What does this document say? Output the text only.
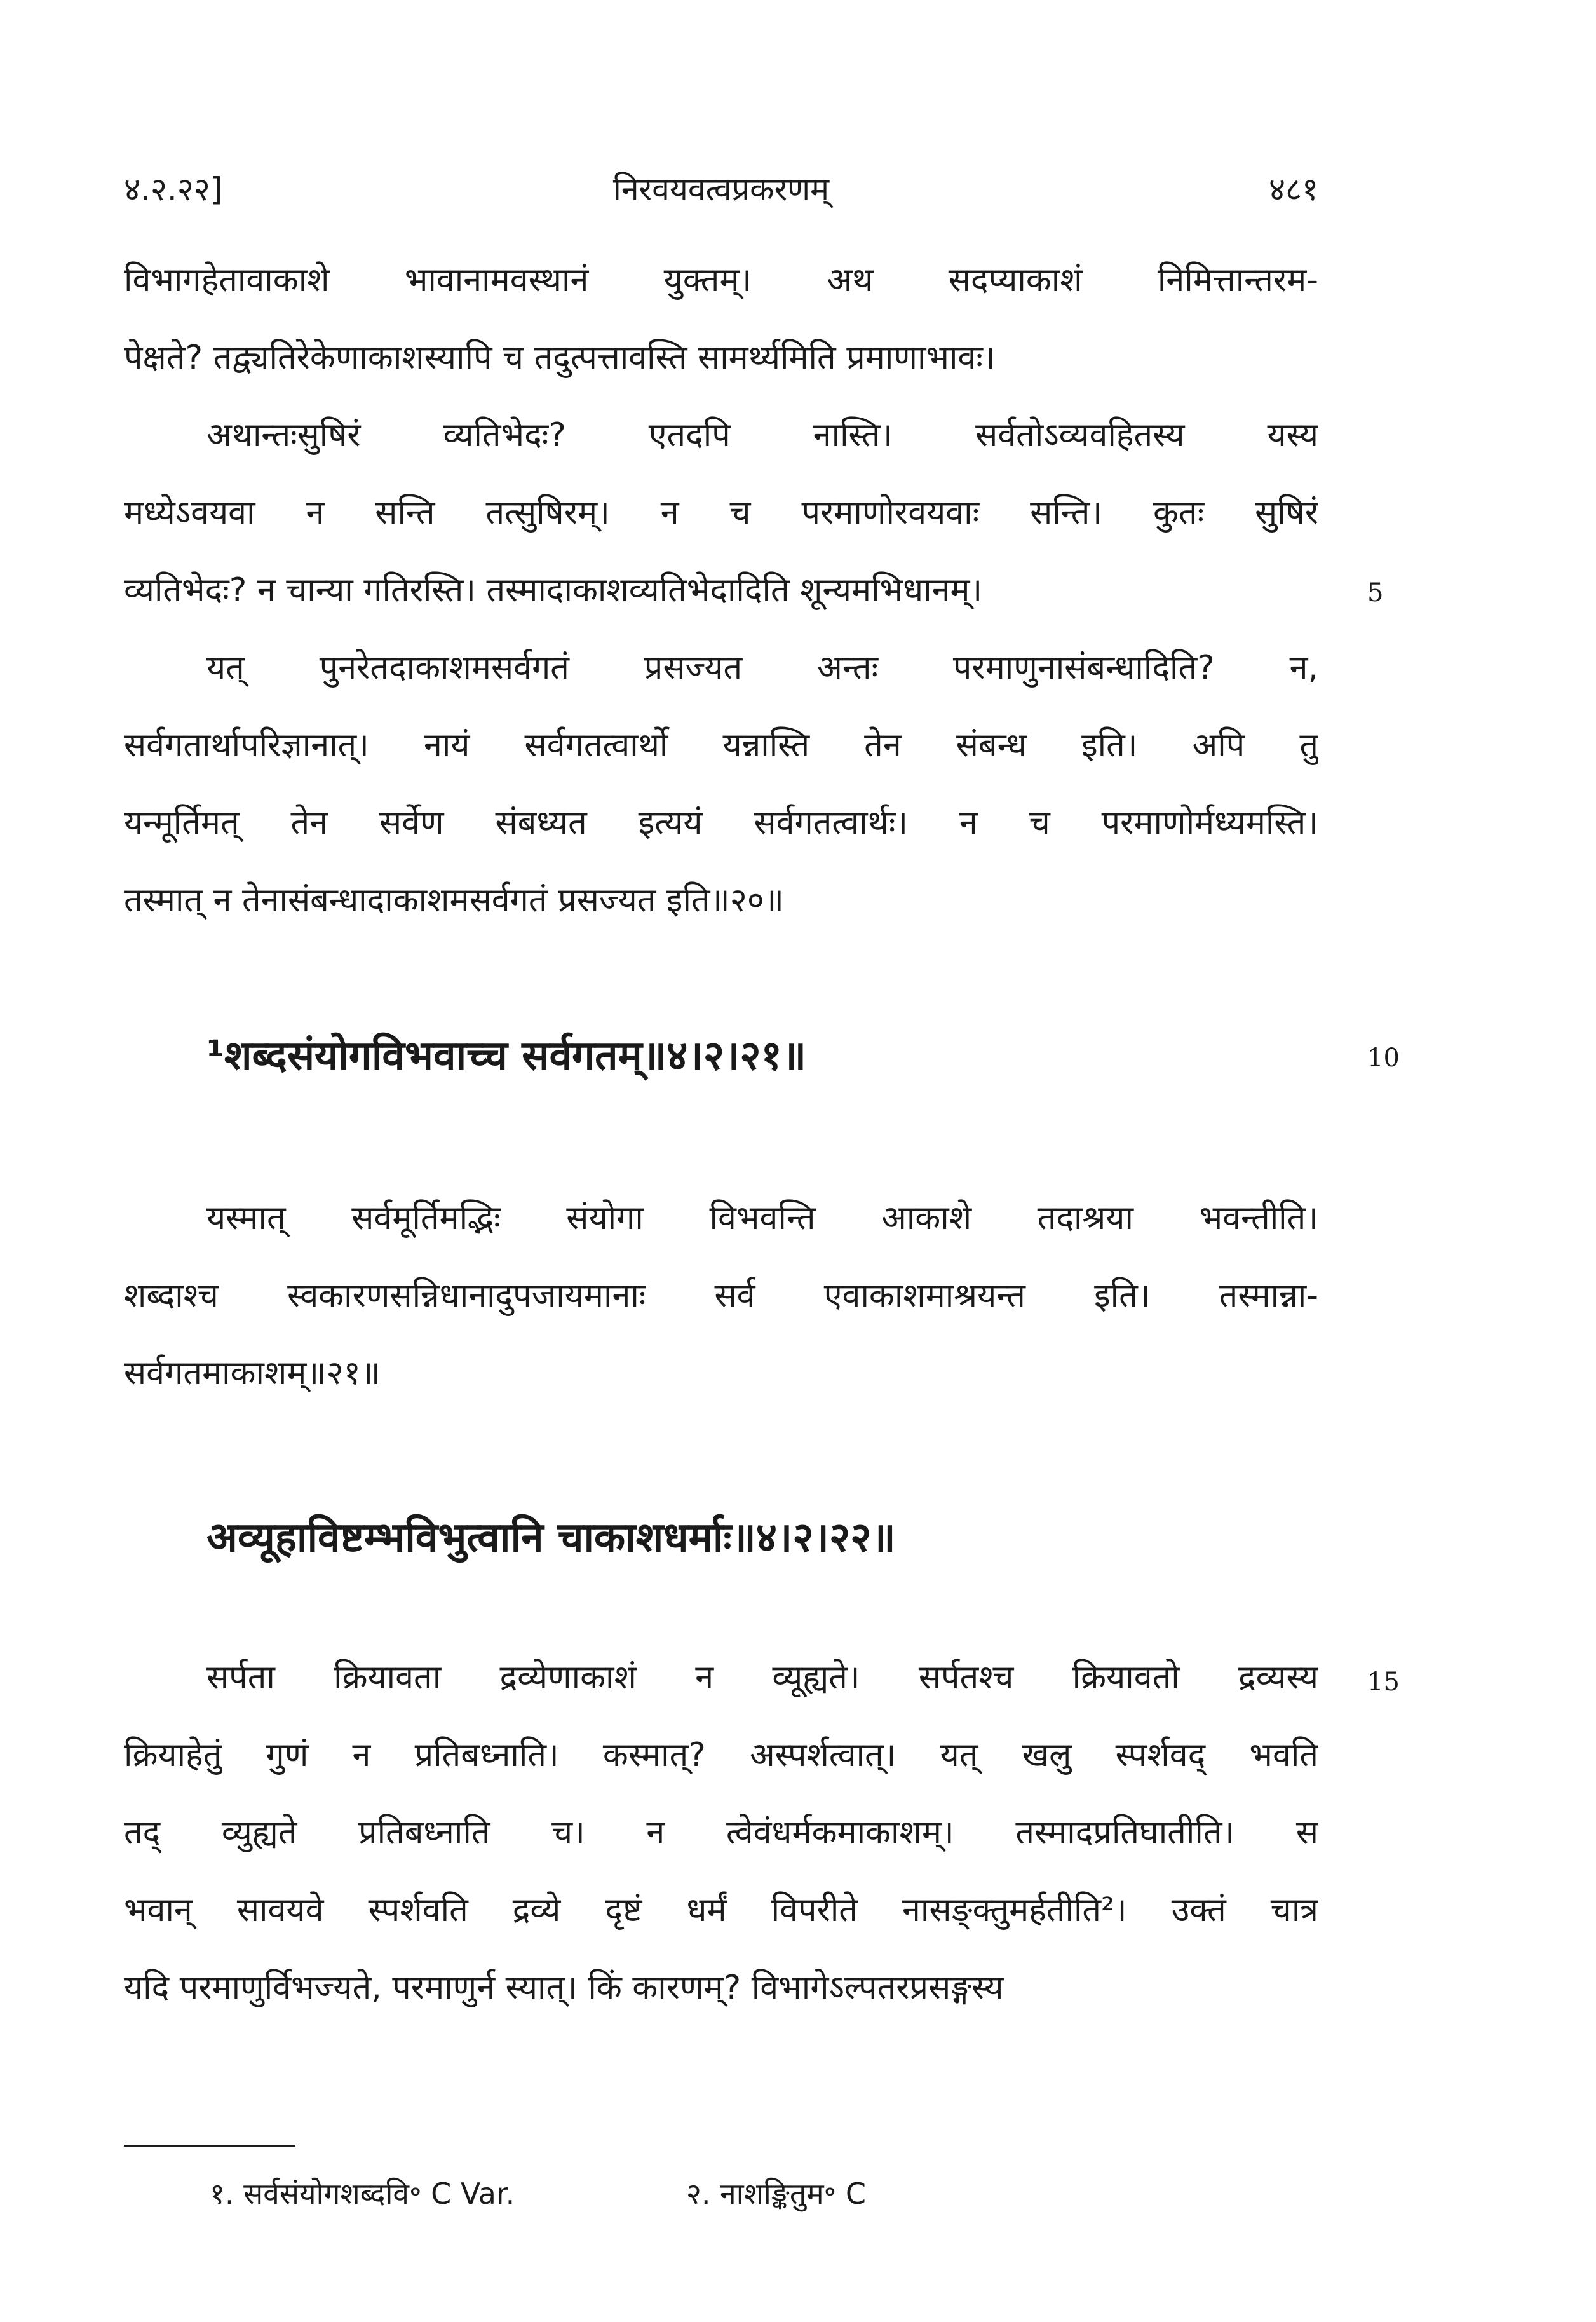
४.२.२२]	निरवयवत्वप्रकरणम्	४८१
विभागहेतावाकाशे भावानामवस्थानं युक्तम्। अथ सदप्याकाशं निमित्तान्तरम-
पेक्षते? तद्व्यतिरेकेणाकाशस्यापि च तदुत्पत्तावस्ति सामर्थ्यमिति प्रमाणाभावः।
अथान्तःसुषिरं व्यतिभेदः? एतदपि नास्ति। सर्वतोऽव्यवहितस्य यस्य
मध्येऽवयवा न सन्ति तत्सुषिरम्। न च परमाणोरवयवाः सन्ति। कुतः सुषिरं
व्यतिभेदः? न चान्या गतिरस्ति। तस्मादाकाशव्यतिभेदादिति शून्यमभिधानम्।
यत् पुनरेतदाकाशमसर्वगतं प्रसज्यत अन्तः परमाणुनासंबन्धादिति? न,
सर्वगतार्थापरिज्ञानात्। नायं सर्वगतत्वार्थो यन्नास्ति तेन संबन्ध इति। अपि तु
यन्मूर्तिमत् तेन सर्वेण संबध्यत इत्ययं सर्वगतत्वार्थः। न च परमाणोर्मध्यमस्ति।
तस्मात् न तेनासंबन्धादाकाशमसर्वगतं प्रसज्यत इति॥२०॥
¹शब्दसंयोगविभवाच्च सर्वगतम्॥४।२।२१॥
यस्मात् सर्वमूर्तिमद्भिः संयोगा विभवन्ति आकाशे तदाश्रया भवन्तीति।
शब्दाश्च स्वकारणसन्निधानादुपजायमानाः सर्व एवाकाशमाश्रयन्त इति। तस्मान्ना-
सर्वगतमाकाशम्॥२१॥
अव्यूहाविष्टम्भविभुत्वानि चाकाशधर्माः॥४।२।२२॥
सर्पता क्रियावता द्रव्येणाकाशं न व्यूह्यते। सर्पतश्च क्रियावतो द्रव्यस्य
क्रियाहेतुं गुणं न प्रतिबध्नाति। कस्मात्? अस्पर्शत्वात्। यत् खलु स्पर्शवद् भवति
तद् व्युह्यते प्रतिबध्नाति च। न त्वेवंधर्मकमाकाशम्। तस्मादप्रतिघातीति। स
भवान् सावयवे स्पर्शवति द्रव्ये दृष्टं धर्मं विपरीते नासङ्क्तुमर्हतीति²। उक्तं चात्र
यदि परमाणुर्विभज्यते, परमाणुर्न स्यात्। किं कारणम्? विभागेऽल्पतरप्रसङ्गस्य
5
10
15
१. सर्वसंयोगशब्दवि॰ C Var.	२. नाशङ्कितुम॰ C
